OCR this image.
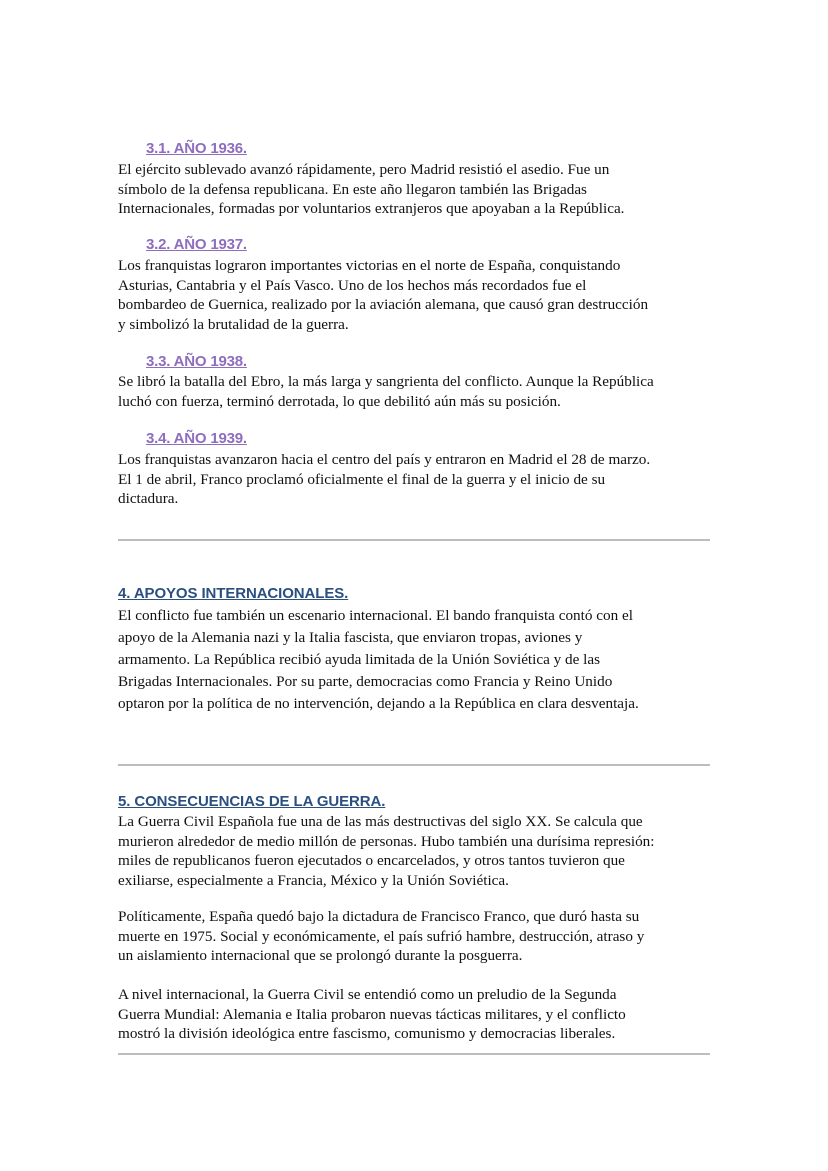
3.1. AÑO 1936.
El ejército sublevado avanzó rápidamente, pero Madrid resistió el asedio. Fue un
símbolo de la defensa republicana. En este año llegaron también las Brigadas
Internacionales, formadas por voluntarios extranjeros que apoyaban a la República.
3.2. AÑO 1937.
Los franquistas lograron importantes victorias en el norte de España, conquistando
Asturias, Cantabria y el País Vasco. Uno de los hechos más recordados fue el
bombardeo de Guernica, realizado por la aviación alemana, que causó gran destrucción
y simbolizó la brutalidad de la guerra.
3.3. AÑO 1938.
Se libró la batalla del Ebro, la más larga y sangrienta del conflicto. Aunque la República
luchó con fuerza, terminó derrotada, lo que debilitó aún más su posición.
3.4. AÑO 1939.
Los franquistas avanzaron hacia el centro del país y entraron en Madrid el 28 de marzo.
El 1 de abril, Franco proclamó oficialmente el final de la guerra y el inicio de su
dictadura.
4. APOYOS INTERNACIONALES.
El conflicto fue también un escenario internacional. El bando franquista contó con el
apoyo de la Alemania nazi y la Italia fascista, que enviaron tropas, aviones y
armamento. La República recibió ayuda limitada de la Unión Soviética y de las
Brigadas Internacionales. Por su parte, democracias como Francia y Reino Unido
optaron por la política de no intervención, dejando a la República en clara desventaja.
5. CONSECUENCIAS DE LA GUERRA.
La Guerra Civil Española fue una de las más destructivas del siglo XX. Se calcula que
murieron alrededor de medio millón de personas. Hubo también una durísima represión:
miles de republicanos fueron ejecutados o encarcelados, y otros tantos tuvieron que
exiliarse, especialmente a Francia, México y la Unión Soviética.
Políticamente, España quedó bajo la dictadura de Francisco Franco, que duró hasta su
muerte en 1975. Social y económicamente, el país sufrió hambre, destrucción, atraso y
un aislamiento internacional que se prolongó durante la posguerra.
A nivel internacional, la Guerra Civil se entendió como un preludio de la Segunda
Guerra Mundial: Alemania e Italia probaron nuevas tácticas militares, y el conflicto
mostró la división ideológica entre fascismo, comunismo y democracias liberales.
